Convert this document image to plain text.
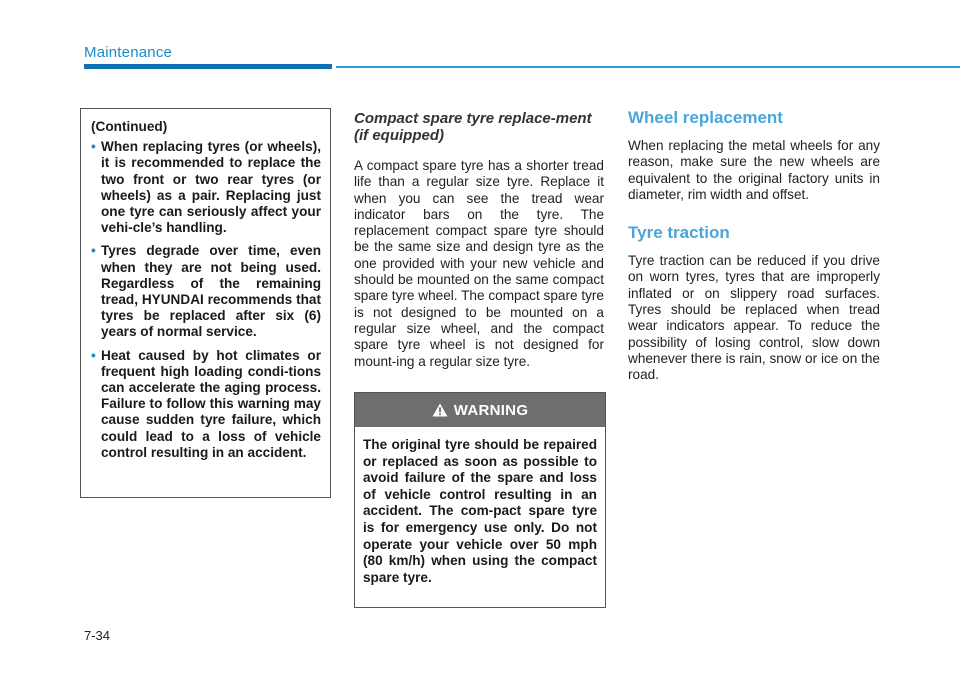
Maintenance
(Continued)
• When replacing tyres (or wheels), it is recommended to replace the two front or two rear tyres (or wheels) as a pair. Replacing just one tyre can seriously affect your vehi-cle’s handling.
• Tyres degrade over time, even when they are not being used. Regardless of the remaining tread, HYUNDAI recommends that tyres be replaced after six (6) years of normal service.
• Heat caused by hot climates or frequent high loading condi-tions can accelerate the aging process. Failure to follow this warning may cause sudden tyre failure, which could lead to a loss of vehicle control resulting in an accident.
Compact spare tyre replace-ment (if equipped)

A compact spare tyre has a shorter tread life than a regular size tyre. Replace it when you can see the tread wear indicator bars on the tyre. The replacement compact spare tyre should be the same size and design tyre as the one provided with your new vehicle and should be mounted on the same compact spare tyre wheel. The compact spare tyre is not designed to be mounted on a regular size wheel, and the compact spare tyre wheel is not designed for mount-ing a regular size tyre.

WARNING
The original tyre should be repaired or replaced as soon as possible to avoid failure of the spare and loss of vehicle control resulting in an accident. The com-pact spare tyre is for emergency use only. Do not operate your vehicle over 50 mph (80 km/h) when using the compact spare tyre.
Wheel replacement

When replacing the metal wheels for any reason, make sure the new wheels are equivalent to the original factory units in diameter, rim width and offset.

Tyre traction

Tyre traction can be reduced if you drive on worn tyres, tyres that are improperly inflated or on slippery road surfaces. Tyres should be replaced when tread wear indicators appear. To reduce the possibility of losing control, slow down whenever there is rain, snow or ice on the road.

7-34
